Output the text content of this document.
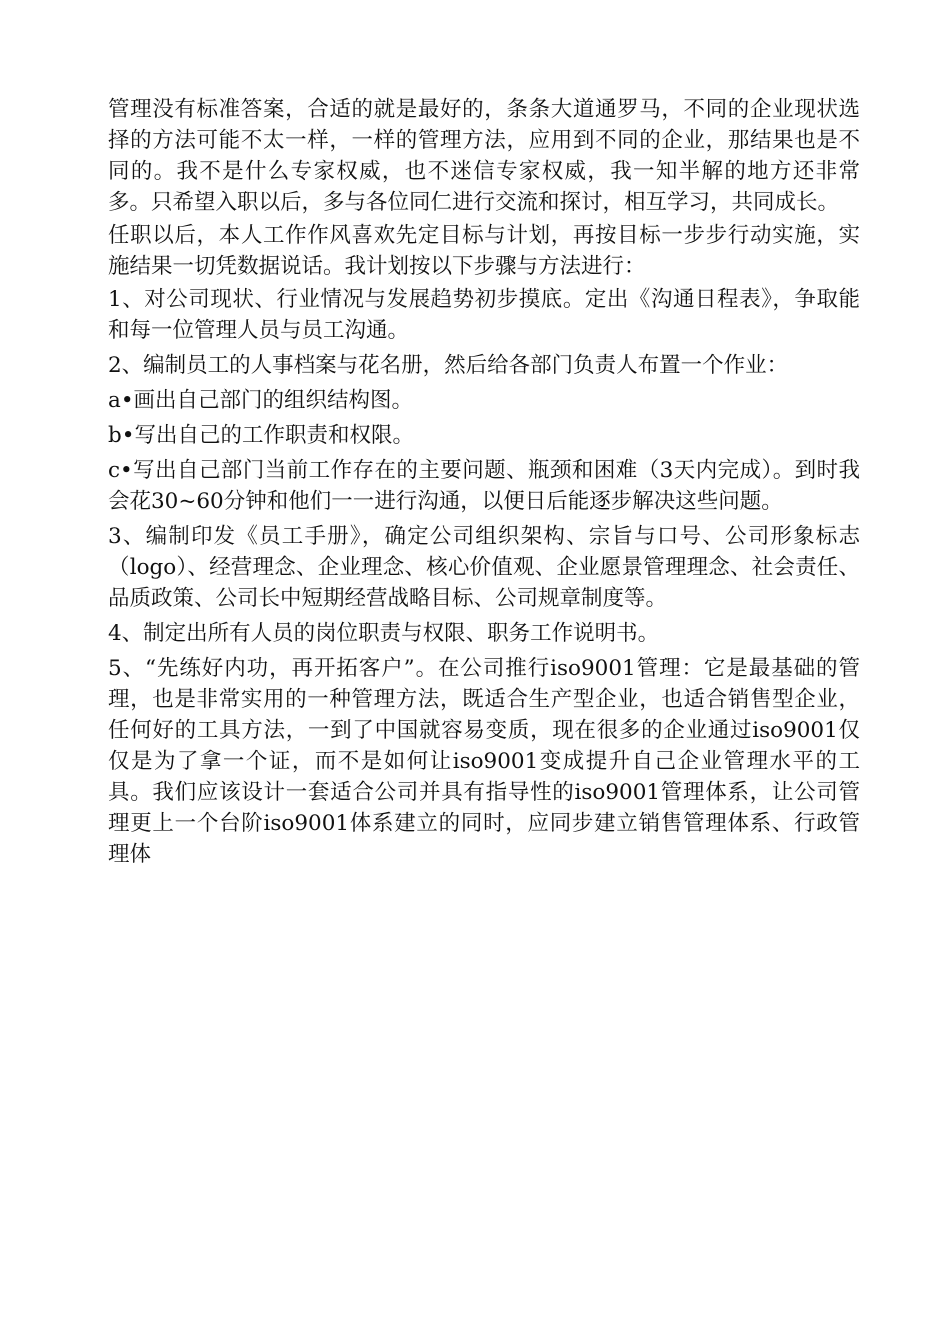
管理没有标准答案，合适的就是最好的，条条大道通罗马，不同的企业现状选择的方法可能不太一样，一样的管理方法，应用到不同的企业，那结果也是不同的。我不是什么专家权威，也不迷信专家权威，我一知半解的地方还非常多。只希望入职以后，多与各位同仁进行交流和探讨，相互学习，共同成长。

任职以后，本人工作作风喜欢先定目标与计划，再按目标一步步行动实施，实施结果一切凭数据说话。我计划按以下步骤与方法进行：

1、对公司现状、行业情况与发展趋势初步摸底。定出《沟通日程表》，争取能和每一位管理人员与员工沟通。

2、编制员工的人事档案与花名册，然后给各部门负责人布置一个作业：

a•画出自己部门的组织结构图。

b•写出自己的工作职责和权限。

c•写出自己部门当前工作存在的主要问题、瓶颈和困难（3天内完成）。到时我会花30~60分钟和他们一一进行沟通，以便日后能逐步解决这些问题。

3、编制印发《员工手册》，确定公司组织架构、宗旨与口号、公司形象标志（logo）、经营理念、企业理念、核心价值观、企业愿景管理理念、社会责任、品质政策、公司长中短期经营战略目标、公司规章制度等。

4、制定出所有人员的岗位职责与权限、职务工作说明书。

5、“先练好内功，再开拓客户”。在公司推行iso9001管理：它是最基础的管理，也是非常实用的一种管理方法，既适合生产型企业，也适合销售型企业，任何好的工具方法，一到了中国就容易变质，现在很多的企业通过iso9001仅仅是为了拿一个证，而不是如何让iso9001变成提升自己企业管理水平的工具。我们应该设计一套适合公司并具有指导性的iso9001管理体系，让公司管理更上一个台阶iso9001体系建立的同时，应同步建立销售管理体系、行政管理体
